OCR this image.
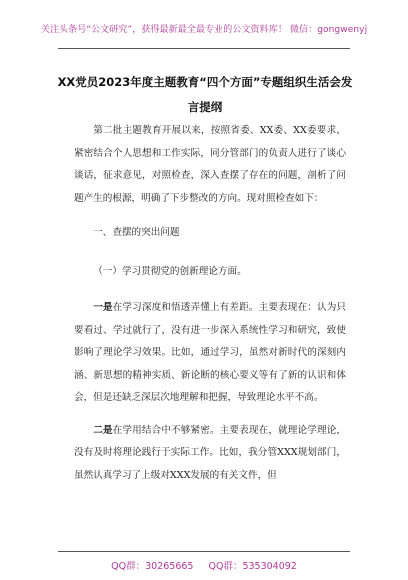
关注头条号“公文研究”，获得最新最全最专业的公文资料库！ 微信：gongwenyj
XX党员2023年度主题教育“四个方面”专题组织生活会发
言提纲

第二批主题教育开展以来，按照省委、XX委、XX委要求，紧密结合个人思想和工作实际，同分管部门的负责人进行了谈心谈话，征求意见，对照检查，深入查摆了存在的问题，剖析了问题产生的根源，明确了下步整改的方向。现对照检查如下：

一、查摆的突出问题

（一）学习贯彻党的创新理论方面。

一是在学习深度和悟透弄懂上有差距。主要表现在：认为只要看过、学过就行了，没有进一步深入系统性学习和研究，致使影响了理论学习效果。比如，通过学习，虽然对新时代的深刻内涵、新思想的精神实质、新论断的核心要义等有了新的认识和体会，但是还缺乏深层次地理解和把握，导致理论水平不高。

二是在学用结合中不够紧密。主要表现在，就理论学理论，没有及时将理论践行于实际工作。比如，我分管XXX规划部门，虽然认真学习了上级对XXX发展的有关文件，但

QQ群：30265665 QQ群：535304092
